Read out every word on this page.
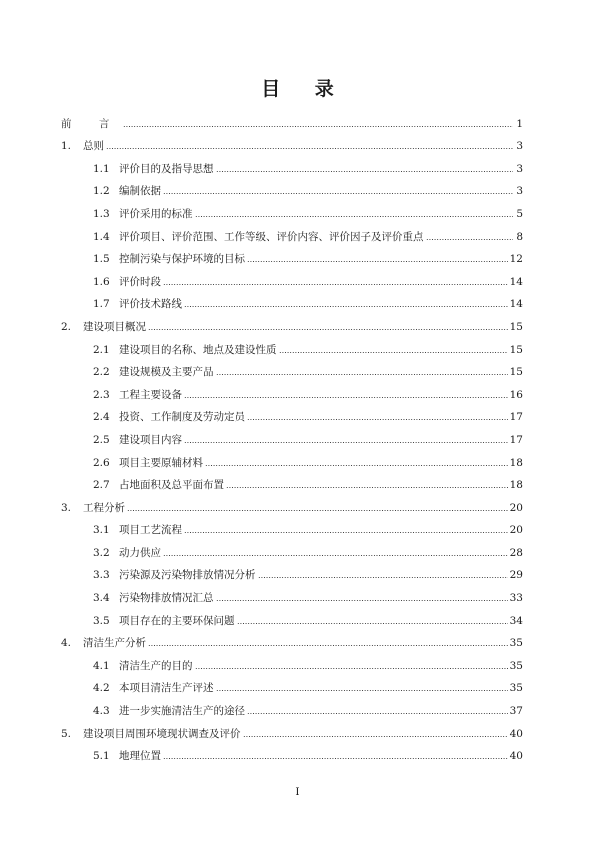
目 录
前 言	1
1.	总则	3
1.1 评价目的及指导思想	3
1.2 编制依据	3
1.3 评价采用的标准	5
1.4 评价项目、评价范围、工作等级、评价内容、评价因子及评价重点	8
1.5 控制污染与保护环境的目标	12
1.6 评价时段	14
1.7 评价技术路线	14
2.	建设项目概况	15
2.1 建设项目的名称、地点及建设性质	15
2.2 建设规模及主要产品	15
2.3 工程主要设备	16
2.4 投资、工作制度及劳动定员	17
2.5 建设项目内容	17
2.6 项目主要原辅材料	18
2.7 占地面积及总平面布置	18
3.	工程分析	20
3.1 项目工艺流程	20
3.2 动力供应	28
3.3 污染源及污染物排放情况分析	29
3.4 污染物排放情况汇总	33
3.5 项目存在的主要环保问题	34
4.	清洁生产分析	35
4.1 清洁生产的目的	35
4.2 本项目清洁生产评述	35
4.3 进一步实施清洁生产的途径	37
5.	建设项目周围环境现状调查及评价	40
5.1 地理位置	40
I
